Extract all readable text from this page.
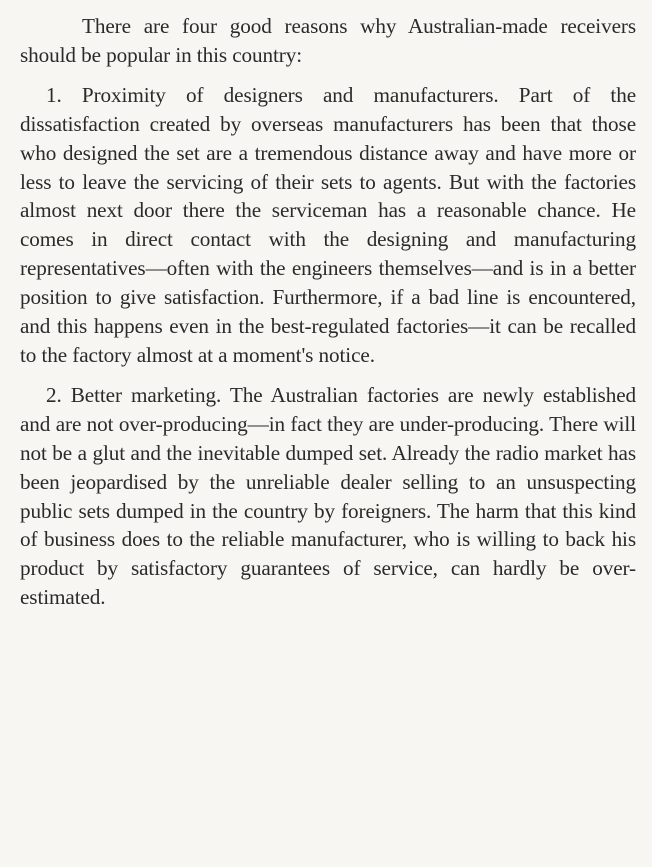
There are four good reasons why Australian-made receivers should be popular in this country:

1. Proximity of designers and manufacturers. Part of the dissatisfaction created by overseas manufacturers has been that those who designed the set are a tremendous distance away and have more or less to leave the servicing of their sets to agents. But with the factories almost next door there the serviceman has a reasonable chance. He comes in direct contact with the designing and manufacturing representatives—often with the engineers themselves—and is in a better position to give satisfaction. Furthermore, if a bad line is encountered, and this happens even in the best-regulated factories—it can be recalled to the factory almost at a moment's notice.

2. Better marketing. The Australian factories are newly established and are not over-producing—in fact they are under-producing. There will not be a glut and the inevitable dumped set. Already the radio market has been jeopardised by the unreliable dealer selling to an unsuspecting public sets dumped in the country by foreigners. The harm that this kind of business does to the reliable manufacturer, who is willing to back his product by satisfactory guarantees of service, can hardly be over-estimated.
